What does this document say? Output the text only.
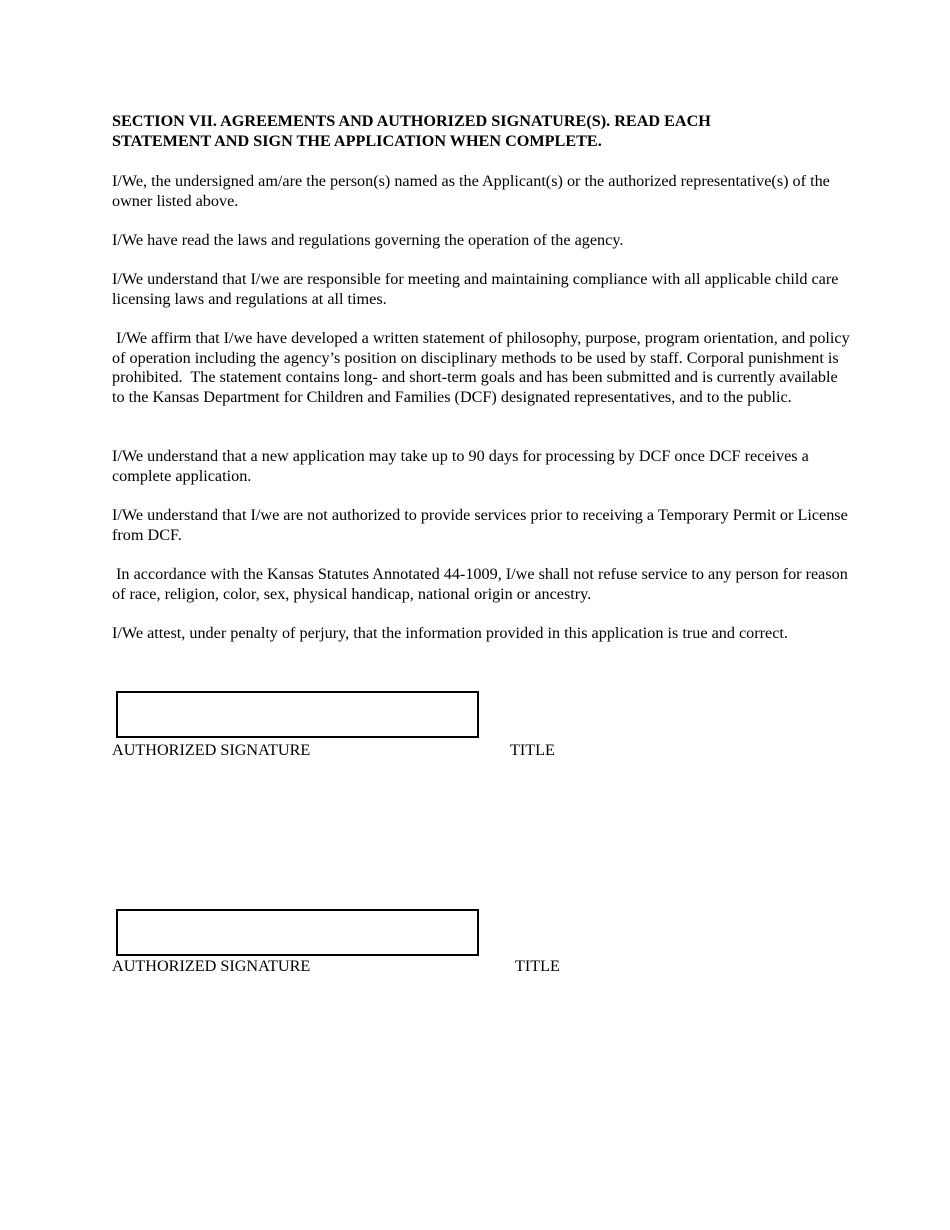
SECTION VII. AGREEMENTS AND AUTHORIZED SIGNATURE(S). READ EACH
STATEMENT AND SIGN THE APPLICATION WHEN COMPLETE.

I/We, the undersigned am/are the person(s) named as the Applicant(s) or the authorized representative(s) of the owner listed above.

I/We have read the laws and regulations governing the operation of the agency.

I/We understand that I/we are responsible for meeting and maintaining compliance with all applicable child care licensing laws and regulations at all times.

I/We affirm that I/we have developed a written statement of philosophy, purpose, program orientation, and policy of operation including the agency’s position on disciplinary methods to be used by staff. Corporal punishment is prohibited.  The statement contains long- and short-term goals and has been submitted and is currently available to the Kansas Department for Children and Families (DCF) designated representatives, and to the public.

I/We understand that a new application may take up to 90 days for processing by DCF once DCF receives a complete application.

I/We understand that I/we are not authorized to provide services prior to receiving a Temporary Permit or License from DCF.

In accordance with the Kansas Statutes Annotated 44-1009, I/we shall not refuse service to any person for reason of race, religion, color, sex, physical handicap, national origin or ancestry.

I/We attest, under penalty of perjury, that the information provided in this application is true and correct.

AUTHORIZED SIGNATURE	TITLE

AUTHORIZED SIGNATURE	TITLE
